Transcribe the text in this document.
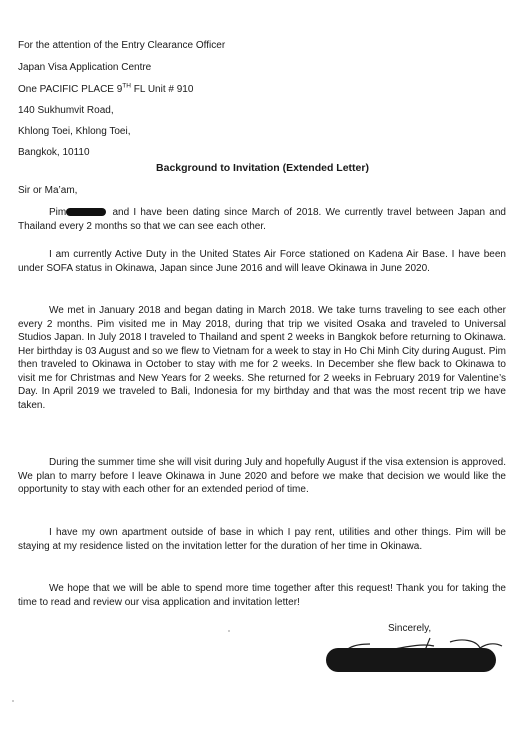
For the attention of the Entry Clearance Officer
Japan Visa Application Centre
One PACIFIC PLACE 9TH FL Unit # 910
140 Sukhumvit Road,
Khlong Toei, Khlong Toei,
Bangkok, 10110
Background to Invitation (Extended Letter)
Sir or Ma’am,

Pim	and I have been dating since March of 2018. We currently travel between Japan and Thailand every 2 months so that we can see each other.

I am currently Active Duty in the United States Air Force stationed on Kadena Air Base. I have been under SOFA status in Okinawa, Japan since June 2016 and will leave Okinawa in June 2020.

We met in January 2018 and began dating in March 2018. We take turns traveling to see each other every 2 months. Pim visited me in May 2018, during that trip we visited Osaka and traveled to Universal Studios Japan. In July 2018 I traveled to Thailand and spent 2 weeks in Bangkok before returning to Okinawa. Her birthday is 03 August and so we flew to Vietnam for a week to stay in Ho Chi Minh City during August. Pim then traveled to Okinawa in October to stay with me for 2 weeks. In December she flew back to Okinawa to visit me for Christmas and New Years for 2 weeks. She returned for 2 weeks in February 2019 for Valentine’s Day. In April 2019 we traveled to Bali, Indonesia for my birthday and that was the most recent trip we have taken.

During the summer time she will visit during July and hopefully August if the visa extension is approved. We plan to marry before I leave Okinawa in June 2020 and before we make that decision we would like the opportunity to stay with each other for an extended period of time.

I have my own apartment outside of base in which I pay rent, utilities and other things. Pim will be staying at my residence listed on the invitation letter for the duration of her time in Okinawa.

We hope that we will be able to spend more time together after this request! Thank you for taking the time to read and review our visa application and invitation letter!

Sincerely,
